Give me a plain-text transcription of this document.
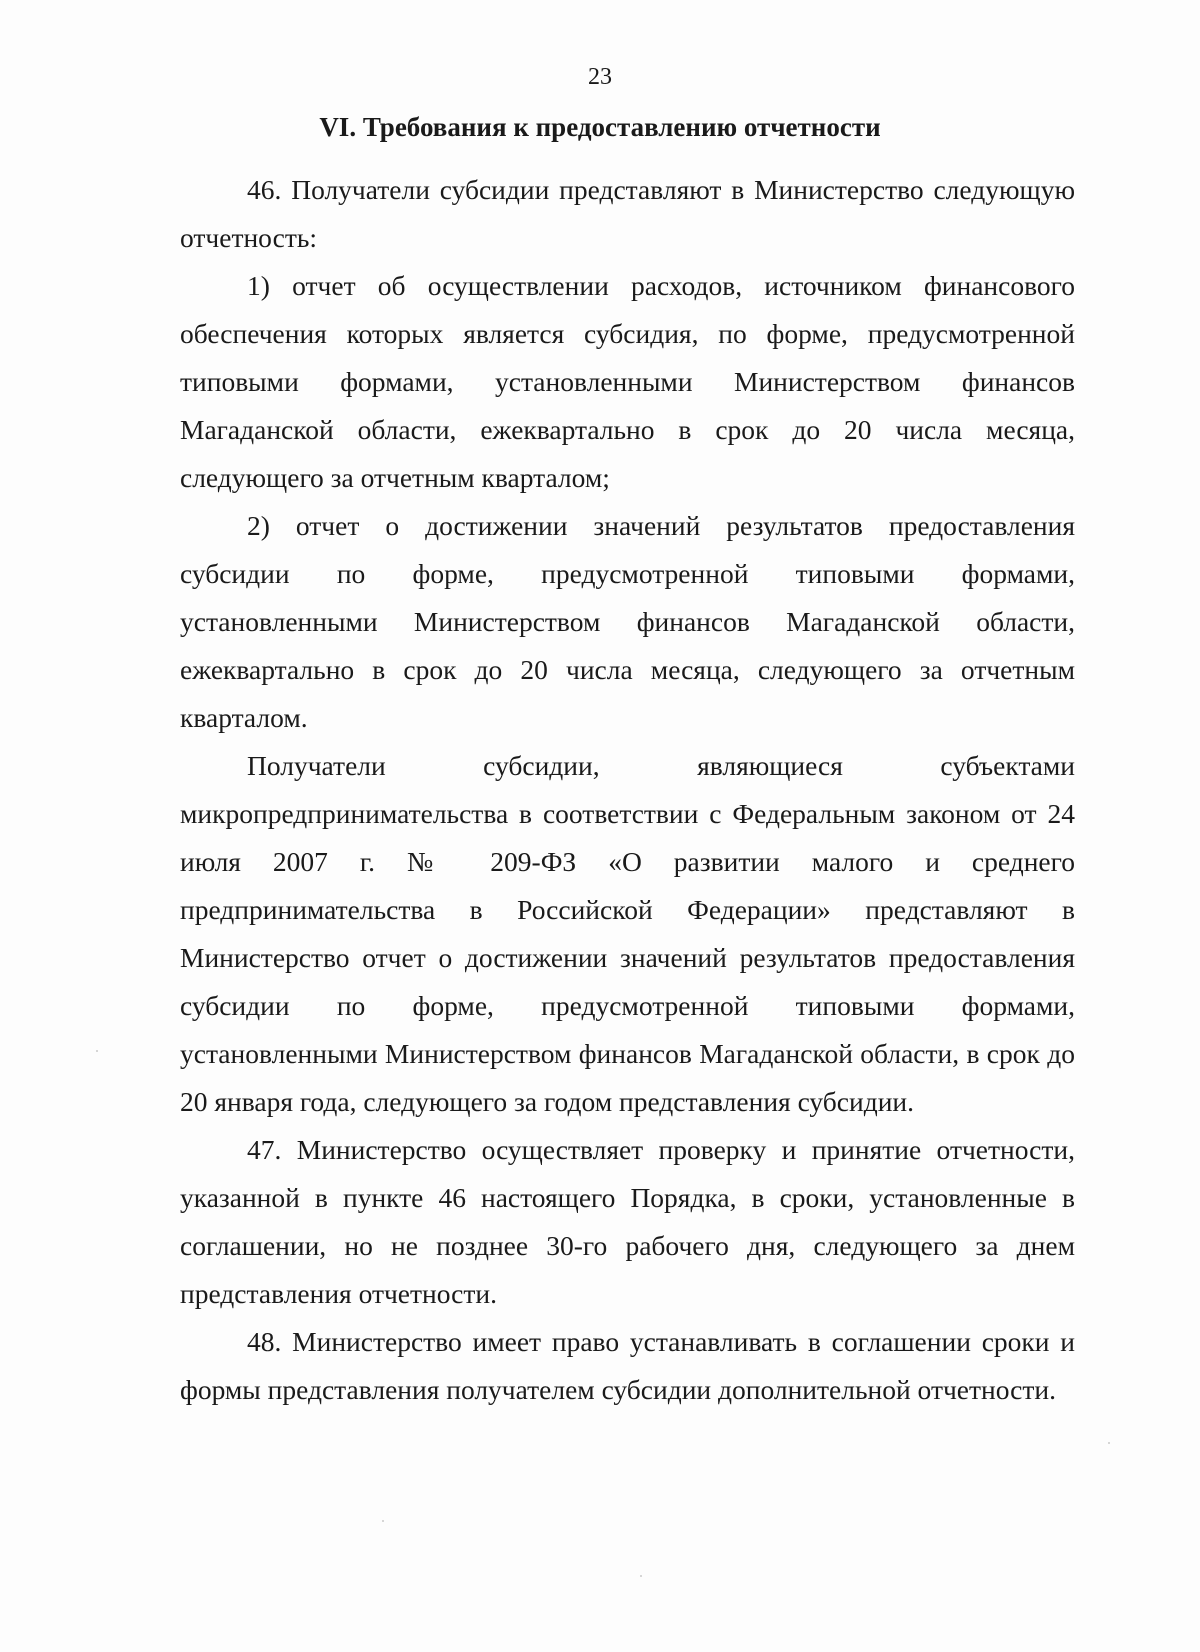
23
VI. Требования к предоставлению отчетности

46. Получатели субсидии представляют в Министерство следующую отчетность:

1) отчет об осуществлении расходов, источником финансового обеспечения которых является субсидия, по форме, предусмотренной типовыми формами, установленными Министерством финансов Магаданской области, ежеквартально в срок до 20 числа месяца, следующего за отчетным кварталом;

2) отчет о достижении значений результатов предоставления субсидии по форме, предусмотренной типовыми формами, установленными Министерством финансов Магаданской области, ежеквартально в срок до 20 числа месяца, следующего за отчетным кварталом.

Получатели субсидии, являющиеся субъектами микропредпринимательства в соответствии с Федеральным законом от 24 июля 2007 г. № 209-ФЗ «О развитии малого и среднего предпринимательства в Российской Федерации» представляют в Министерство отчет о достижении значений результатов предоставления субсидии по форме, предусмотренной типовыми формами, установленными Министерством финансов Магаданской области, в срок до 20 января года, следующего за годом представления субсидии.

47. Министерство осуществляет проверку и принятие отчетности, указанной в пункте 46 настоящего Порядка, в сроки, установленные в соглашении, но не позднее 30-го рабочего дня, следующего за днем представления отчетности.

48. Министерство имеет право устанавливать в соглашении сроки и формы представления получателем субсидии дополнительной отчетности.
